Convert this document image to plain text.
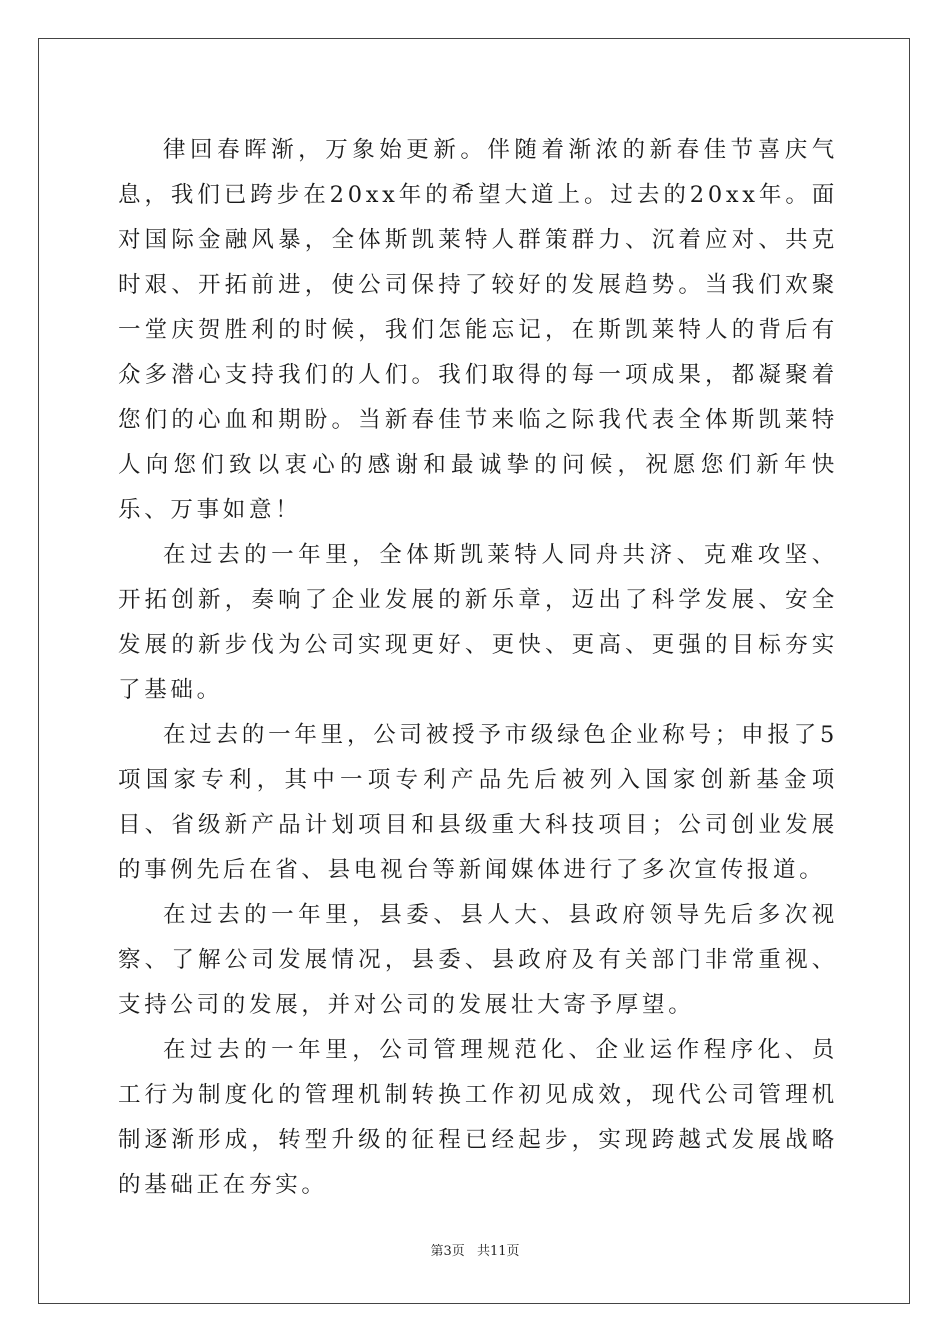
律回春晖渐，万象始更新。伴随着渐浓的新春佳节喜庆气息，我们已跨步在20xx年的希望大道上。过去的20xx年。面对国际金融风暴，全体斯凯莱特人群策群力、沉着应对、共克时艰、开拓前进，使公司保持了较好的发展趋势。当我们欢聚一堂庆贺胜利的时候，我们怎能忘记，在斯凯莱特人的背后有众多潜心支持我们的人们。我们取得的每一项成果，都凝聚着您们的心血和期盼。当新春佳节来临之际我代表全体斯凯莱特人向您们致以衷心的感谢和最诚挚的问候，祝愿您们新年快乐、万事如意！

在过去的一年里，全体斯凯莱特人同舟共济、克难攻坚、开拓创新，奏响了企业发展的新乐章，迈出了科学发展、安全发展的新步伐为公司实现更好、更快、更高、更强的目标夯实了基础。

在过去的一年里，公司被授予市级绿色企业称号；申报了5项国家专利，其中一项专利产品先后被列入国家创新基金项目、省级新产品计划项目和县级重大科技项目；公司创业发展的事例先后在省、县电视台等新闻媒体进行了多次宣传报道。

在过去的一年里，县委、县人大、县政府领导先后多次视察、了解公司发展情况，县委、县政府及有关部门非常重视、支持公司的发展，并对公司的发展壮大寄予厚望。

在过去的一年里，公司管理规范化、企业运作程序化、员工行为制度化的管理机制转换工作初见成效，现代公司管理机制逐渐形成，转型升级的征程已经起步，实现跨越式发展战略的基础正在夯实。

第3页 共11页
